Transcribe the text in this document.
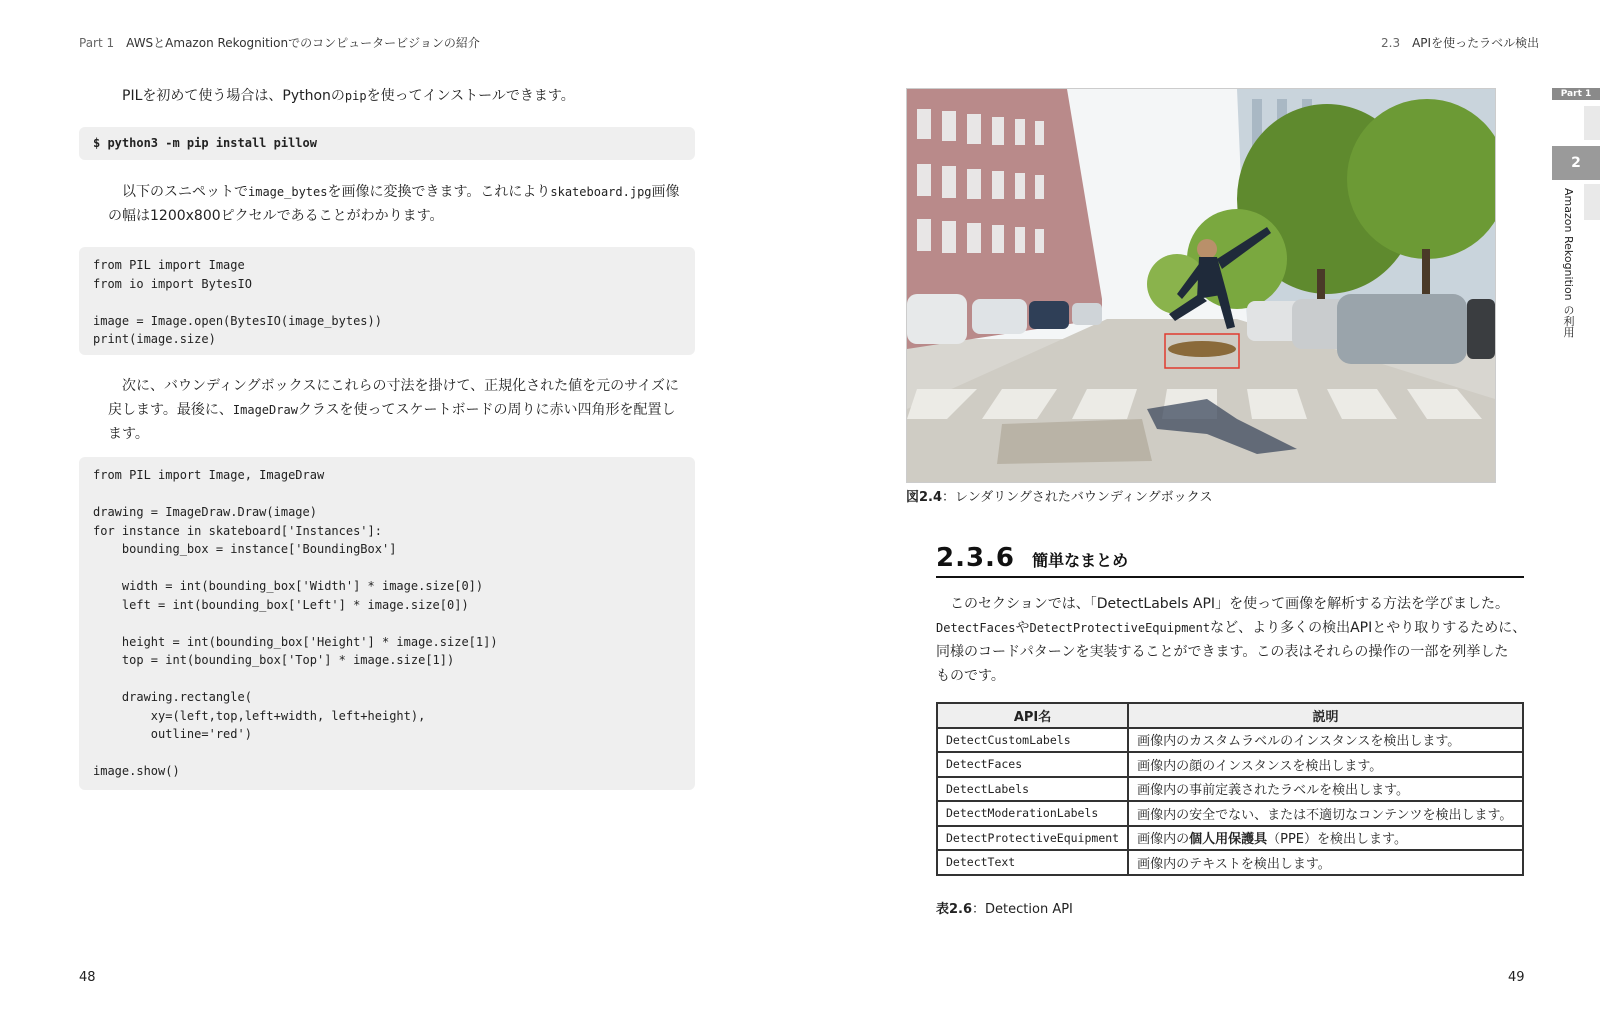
Part 1 AWSとAmazon Rekognitionでのコンピュータービジョンの紹介
PILを初めて使う場合は、Pythonのpipを使ってインストールできます。
$ python3 -m pip install pillow
以下のスニペットでimage_bytesを画像に変換できます。これによりskateboard.jpg画像
の幅は1200x800ピクセルであることがわかります。
from PIL import Image
from io import BytesIO

image = Image.open(BytesIO(image_bytes))
print(image.size)
次に、バウンディングボックスにこれらの寸法を掛けて、正規化された値を元のサイズに
戻します。最後に、ImageDrawクラスを使ってスケートボードの周りに赤い四角形を配置し
ます。
from PIL import Image, ImageDraw

drawing = ImageDraw.Draw(image)
for instance in skateboard['Instances']:
bounding_box = instance['BoundingBox']

width = int(bounding_box['Width'] * image.size[0])
left = int(bounding_box['Left'] * image.size[0])

height = int(bounding_box['Height'] * image.size[1])
top = int(bounding_box['Top'] * image.size[1])

drawing.rectangle(
xy=(left,top,left+width, left+height),
outline='red')

image.show()
48
2.3 APIを使ったラベル検出
図2.4：レンダリングされたバウンディングボックス
2.3.6 簡単なまとめ
このセクションでは、「DetectLabels API」を使って画像を解析する方法を学びました。
DetectFacesやDetectProtectiveEquipmentなど、より多くの検出APIとやり取りするために、
同様のコードパターンを実装することができます。この表はそれらの操作の一部を列挙した
ものです。
API名	説明
DetectCustomLabels	画像内のカスタムラベルのインスタンスを検出します。
DetectFaces	画像内の顔のインスタンスを検出します。
DetectLabels	画像内の事前定義されたラベルを検出します。
DetectModerationLabels	画像内の安全でない、または不適切なコンテンツを検出します。
DetectProtectiveEquipment	画像内の個人用保護具（PPE）を検出します。
DetectText	画像内のテキストを検出します。
表2.6：Detection API
49
Part 1
2
Amazon Rekognition の利用
